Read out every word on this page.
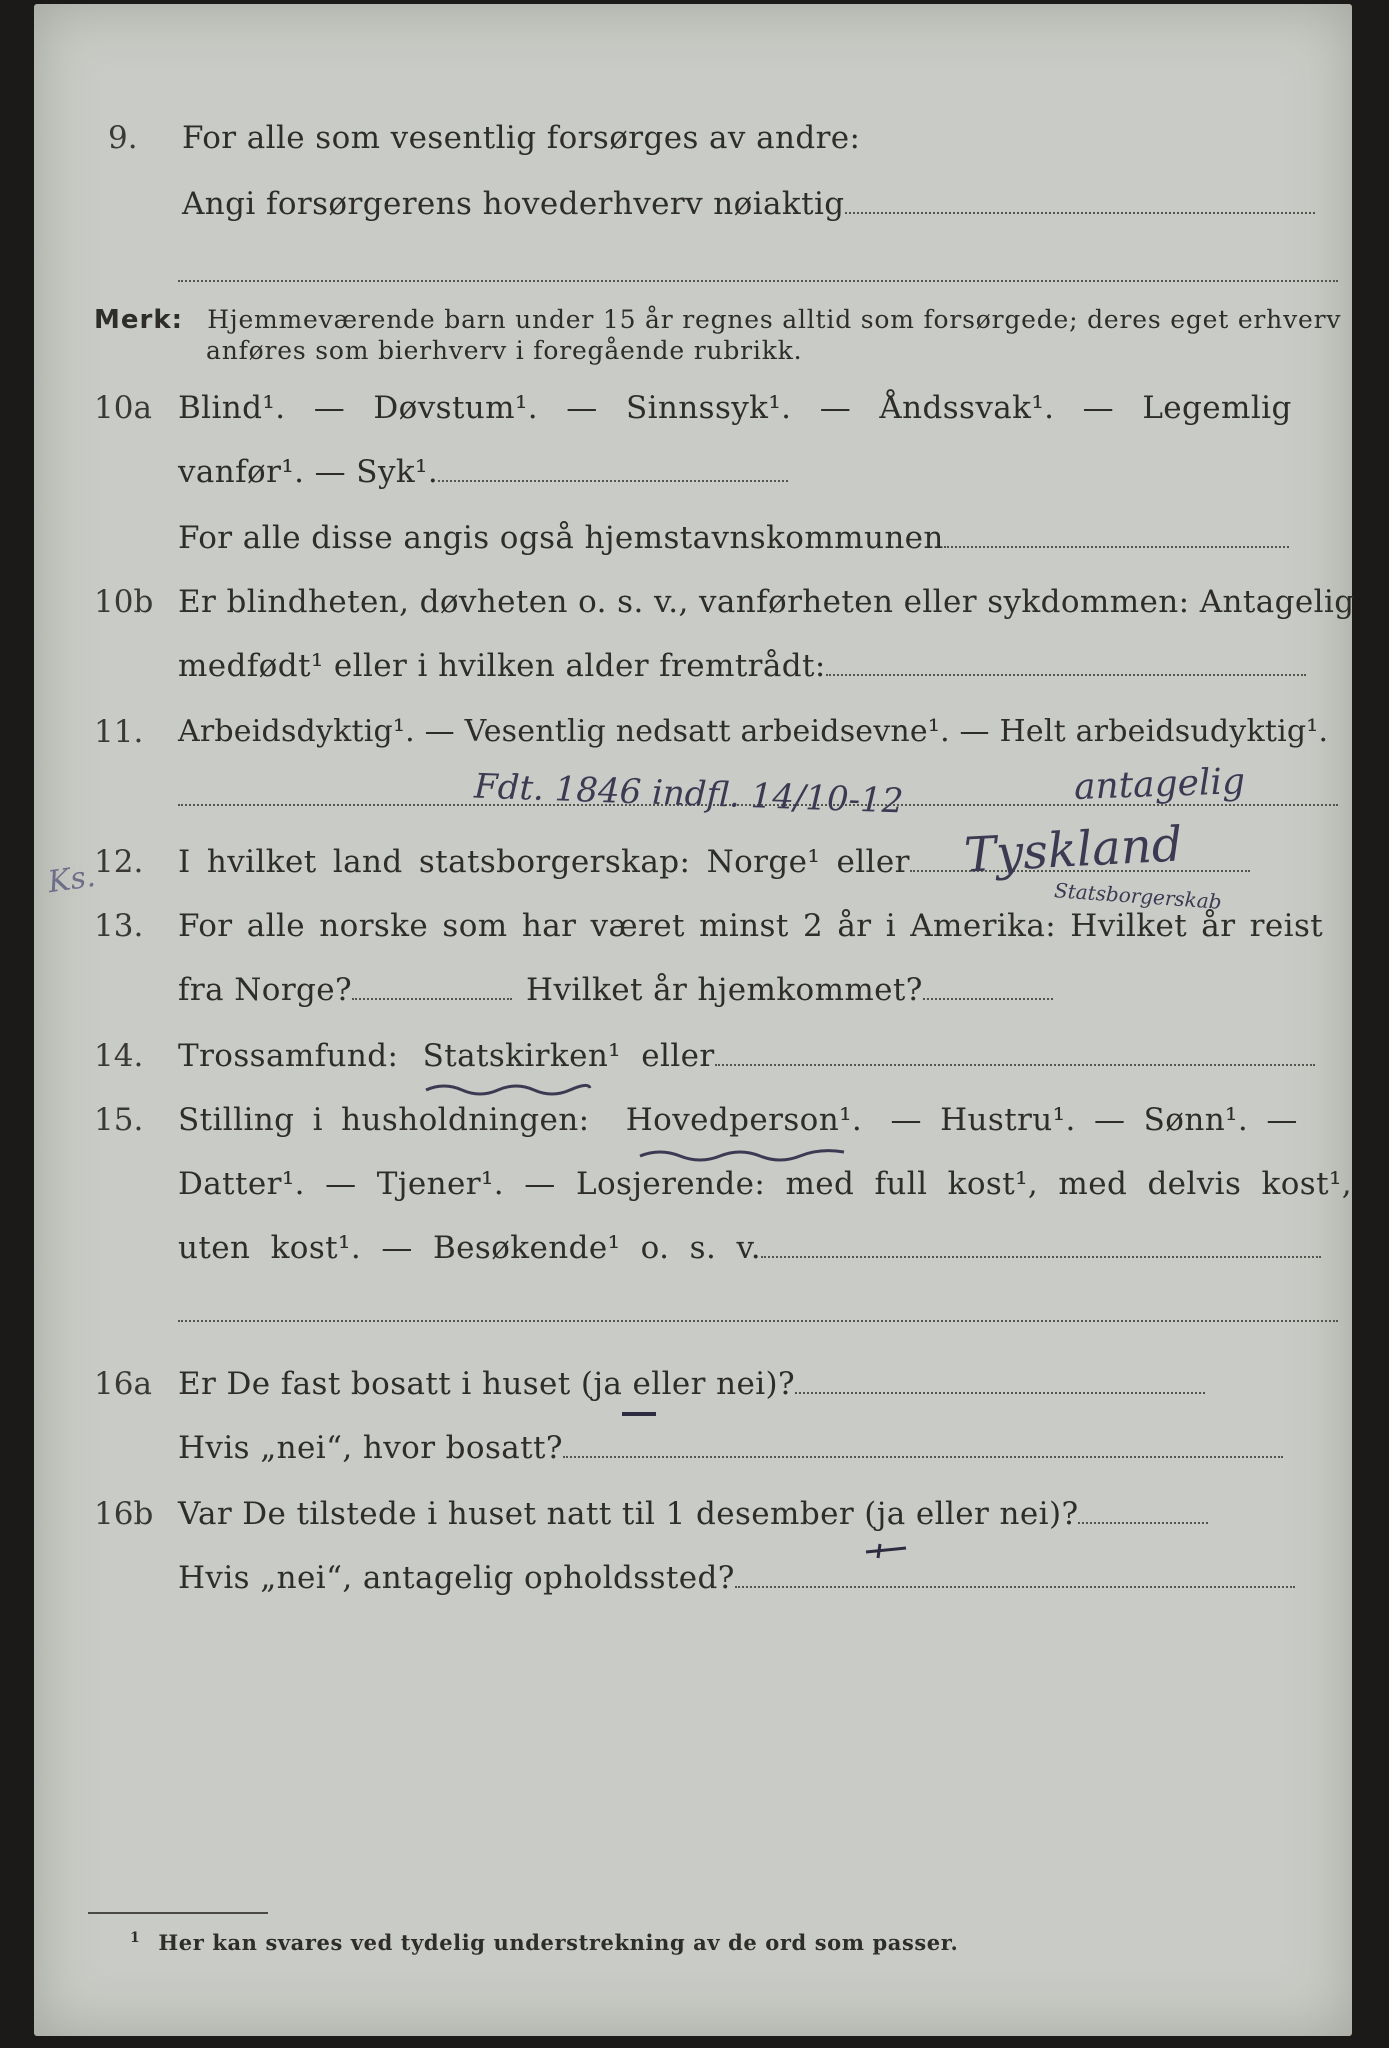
9. For alle som vesentlig forsørges av andre:
Angi forsørgerens hovederhverv nøiaktig
Merk: Hjemmeværende barn under 15 år regnes alltid som forsørgede; deres eget erhverv
anføres som bierhverv i foregående rubrikk.
10a Blind¹. — Døvstum¹. — Sinnssyk¹. — Åndssvak¹. — Legemlig
vanfør¹. — Syk¹.
For alle disse angis også hjemstavnskommunen
10b Er blindheten, døvheten o. s. v., vanførheten eller sykdommen: Antagelig
medfødt¹ eller i hvilken alder fremtrådt:
11. Arbeidsdyktig¹. — Vesentlig nedsatt arbeidsevne¹. — Helt arbeidsudyktig¹.
Fdt. 1846 indfl. 14/10-12	antagelig
Ks.
12. I hvilket land statsborgerskap: Norge¹ eller	Tyskland
Statsborgerskab
13. For alle norske som har været minst 2 år i Amerika: Hvilket år reist
fra Norge?	Hvilket år hjemkommet?
14. Trossamfund: Statskirken¹ eller
15. Stilling i husholdningen: Hovedperson¹. — Hustru¹. — Sønn¹. —
Datter¹. — Tjener¹. — Losjerende: med full kost¹, med delvis kost¹,
uten kost¹. — Besøkende¹ o. s. v.
16a Er De fast bosatt i huset (ja eller nei)?
Hvis „nei“, hvor bosatt?
16b Var De tilstede i huset natt til 1 desember (ja eller nei)?
Hvis „nei“, antagelig opholdssted?
$^1$ Her kan svares ved tydelig understrekning av de ord som passer.
